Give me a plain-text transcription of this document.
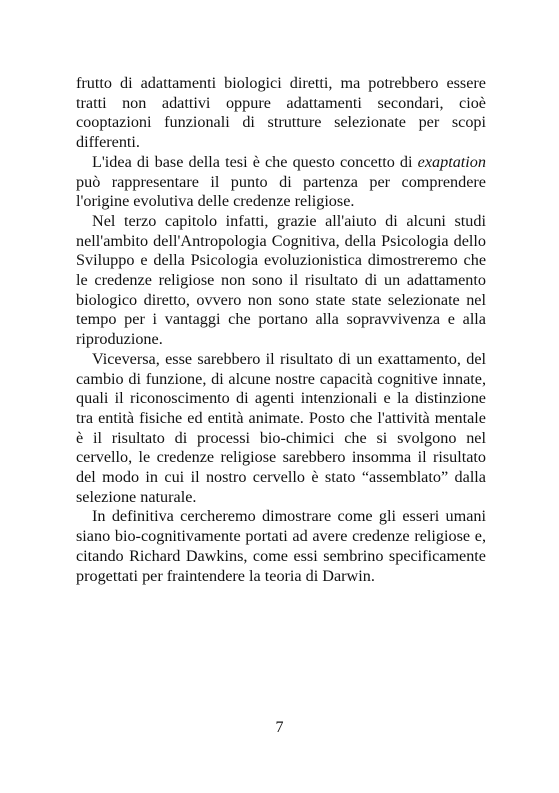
frutto di adattamenti biologici diretti, ma potrebbero essere tratti non adattivi oppure adattamenti secondari, cioè cooptazioni funzionali di strutture selezionate per scopi differenti.

L'idea di base della tesi è che questo concetto di exaptation può rappresentare il punto di partenza per comprendere l'origine evolutiva delle credenze religiose.

Nel terzo capitolo infatti, grazie all'aiuto di alcuni studi nell'ambito dell'Antropologia Cognitiva, della Psicologia dello Sviluppo e della Psicologia evoluzionistica dimostreremo che le credenze religiose non sono il risultato di un adattamento biologico diretto, ovvero non sono state state selezionate nel tempo per i vantaggi che portano alla sopravvivenza e alla riproduzione.

Viceversa, esse sarebbero il risultato di un exattamento, del cambio di funzione, di alcune nostre capacità cognitive innate, quali il riconoscimento di agenti intenzionali e la distinzione tra entità fisiche ed entità animate. Posto che l'attività mentale è il risultato di processi bio-chimici che si svolgono nel cervello, le credenze religiose sarebbero insomma il risultato del modo in cui il nostro cervello è stato “assemblato” dalla selezione naturale.

In definitiva cercheremo dimostrare come gli esseri umani siano bio-cognitivamente portati ad avere credenze religiose e, citando Richard Dawkins, come essi sembrino specificamente progettati per fraintendere la teoria di Darwin.

7
